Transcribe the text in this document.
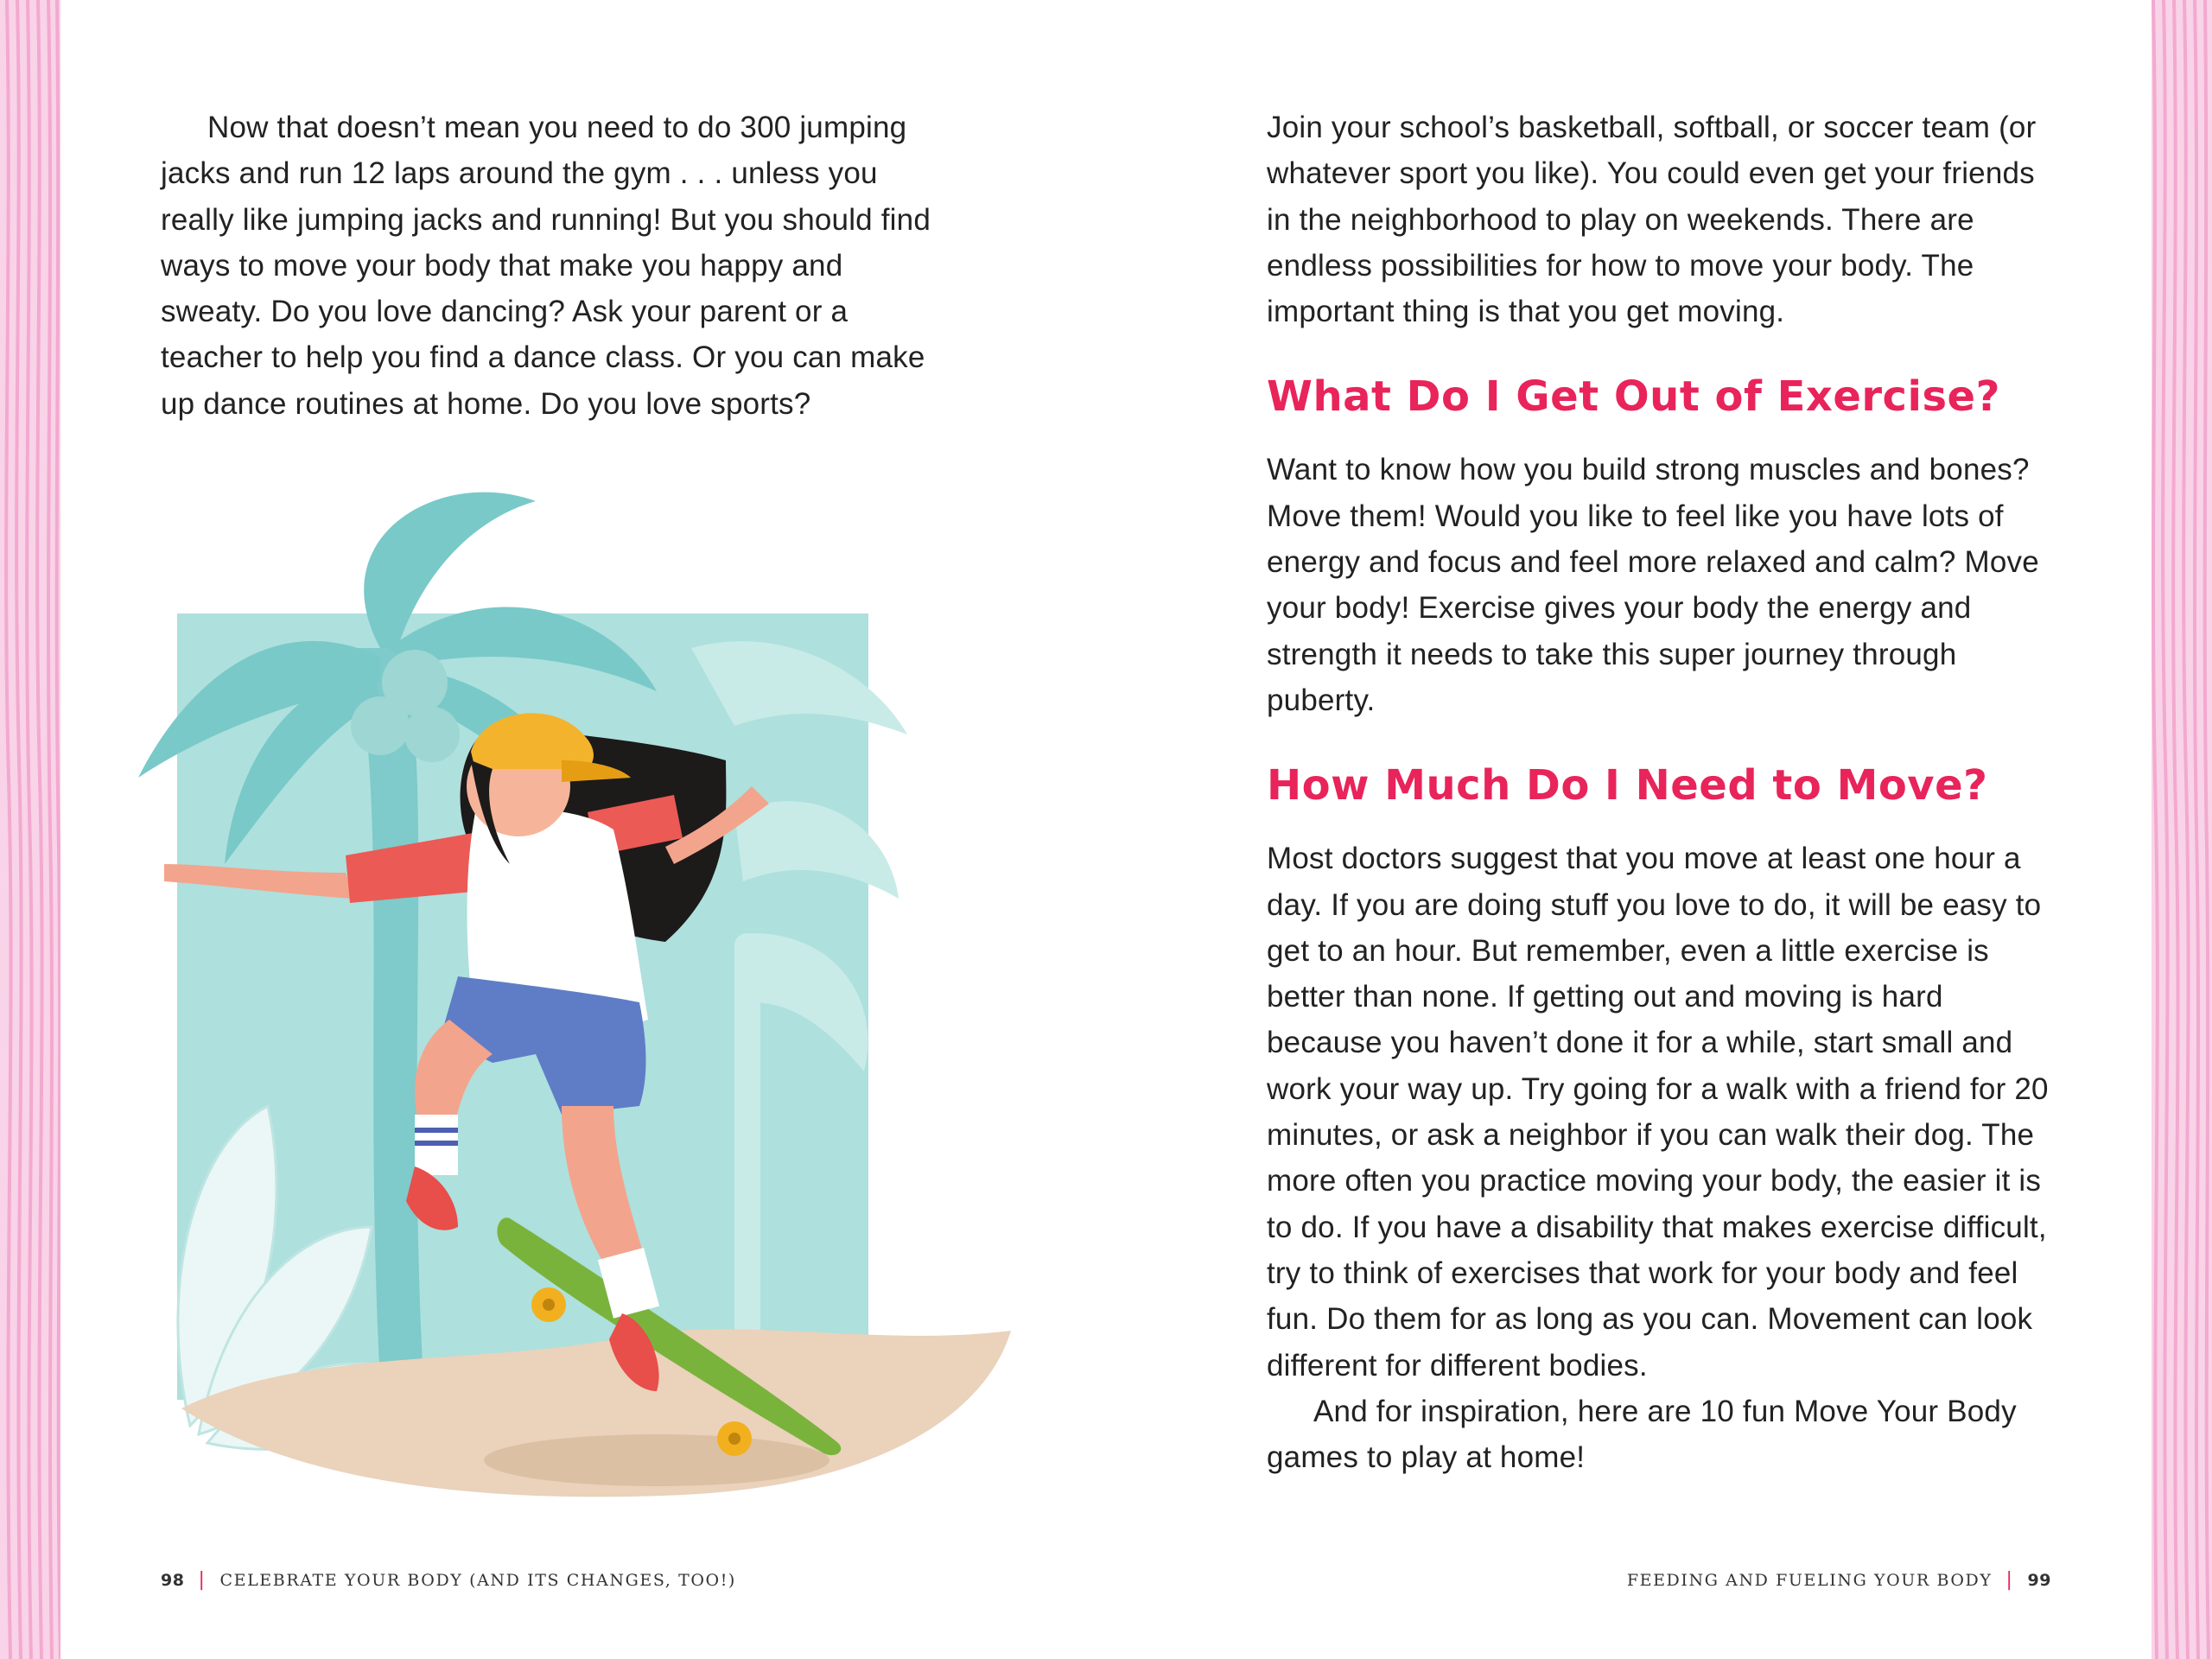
Now that doesn’t mean you need to do 300 jumping jacks and run 12 laps around the gym . . . unless you really like jumping jacks and running! But you should find ways to move your body that make you happy and sweaty. Do you love dancing? Ask your parent or a teacher to help you find a dance class. Or you can make up dance routines at home. Do you love sports?

Join your school’s basketball, softball, or soccer team (or whatever sport you like). You could even get your friends in the neighborhood to play on weekends. There are endless possibilities for how to move your body. The important thing is that you get moving.

What Do I Get Out of Exercise?

Want to know how you build strong muscles and bones? Move them! Would you like to feel like you have lots of energy and focus and feel more relaxed and calm? Move your body! Exercise gives your body the energy and strength it needs to take this super journey through puberty.

How Much Do I Need to Move?

Most doctors suggest that you move at least one hour a day. If you are doing stuff you love to do, it will be easy to get to an hour. But remember, even a little exercise is better than none. If getting out and moving is hard because you haven’t done it for a while, start small and work your way up. Try going for a walk with a friend for 20 minutes, or ask a neighbor if you can walk their dog. The more often you practice moving your body, the easier it is to do. If you have a disability that makes exercise difficult, try to think of exercises that work for your body and feel fun. Do them for as long as you can. Movement can look different for different bodies.

And for inspiration, here are 10 fun Move Your Body games to play at home!

98 | CELEBRATE YOUR BODY (AND ITS CHANGES, TOO!)	FEEDING AND FUELING YOUR BODY | 99
